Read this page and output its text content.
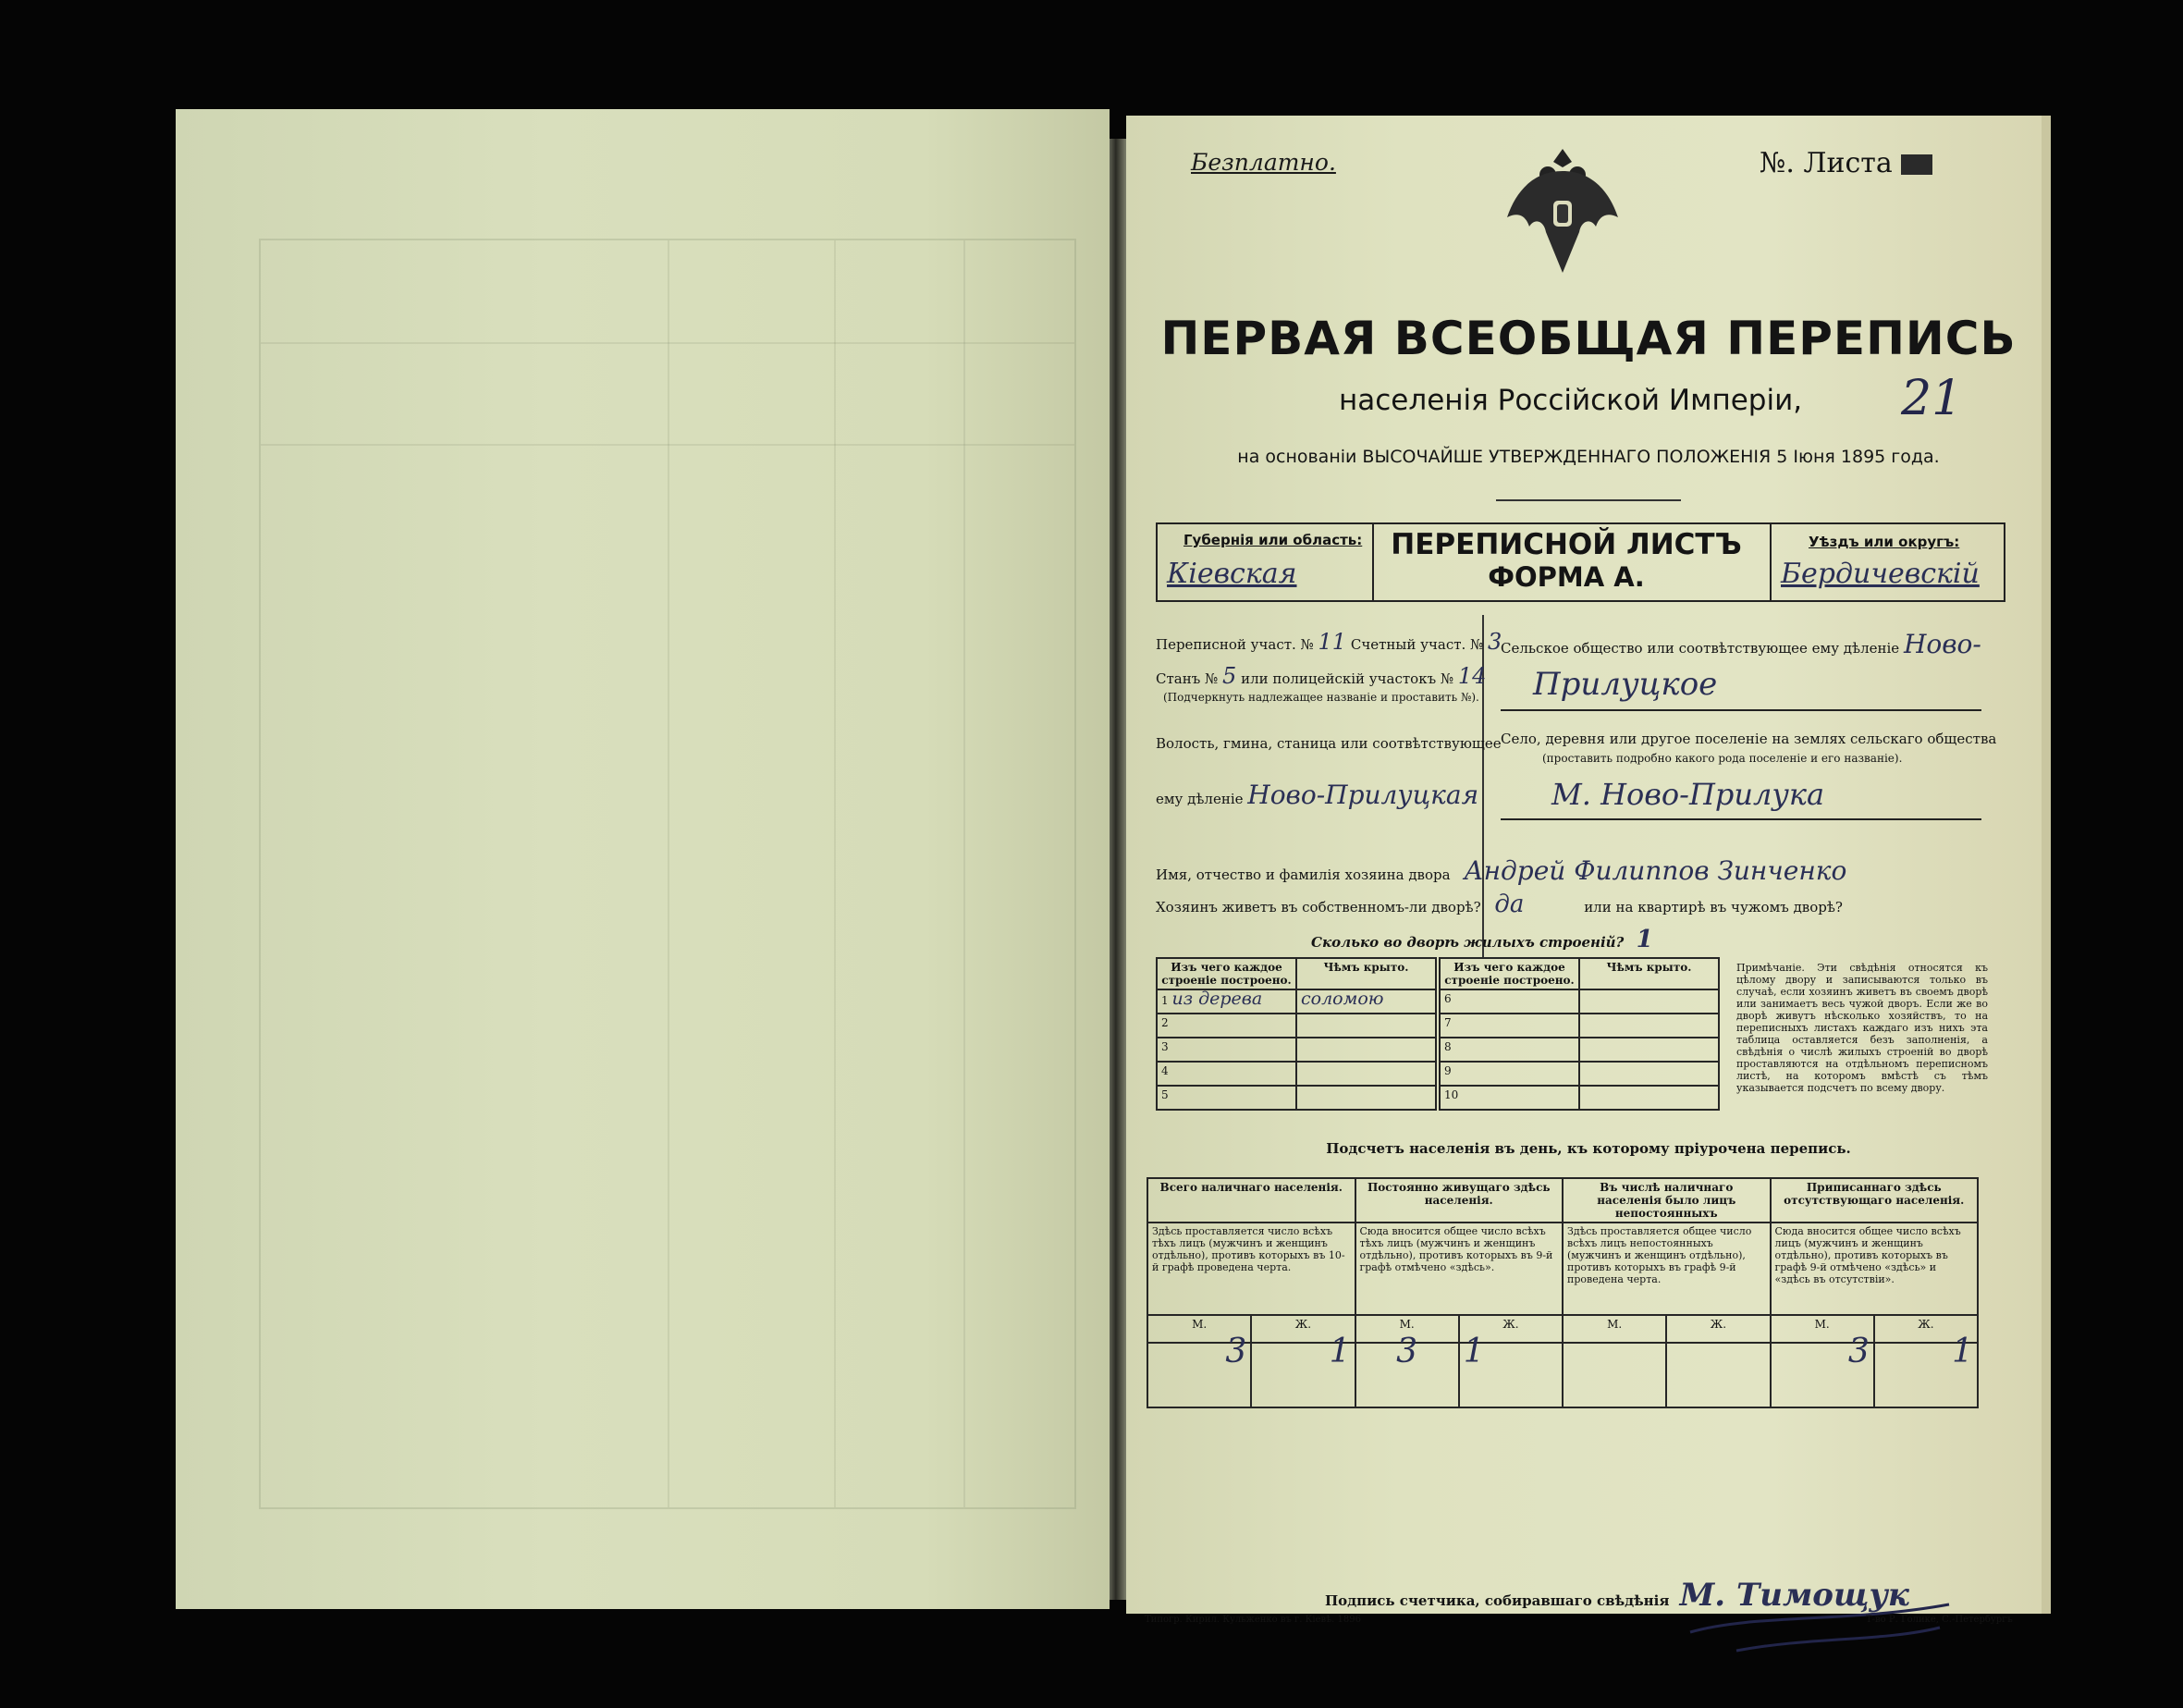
Безплатно.	№. Листа
ПЕРВАЯ ВСЕОБЩАЯ ПЕРЕПИСЬ
населенія Россійской Имперіи, 21
на основаніи ВЫСОЧАЙШЕ УТВЕРЖДЕННАГО ПОЛОЖЕНІЯ 5 Іюня 1895 года.
Губернія или область:
Кіевская
ПЕРЕПИСНОЙ ЛИСТЪ
ФОРМА А.
Уѣздъ или округъ:
Бердичевскій
Переписной участ. № 11 Счетный участ. № 3
Станъ № 5 или полицейскій участокъ № 14
(Подчеркнуть надлежащее названіе и проставить №).
Волость, гмина, станица или соотвѣтствующее
ему дѣленіе Ново-Прилуцкая
Сельское общество или соотвѣтствующее ему дѣленіе Ново-
Прилуцкое
Село, деревня или другое поселеніе на землях сельскаго общества
(проставить подробно какого рода поселеніе и его названіе).
М. Ново-Прилука
Имя, отчество и фамилія хозяина двора Андрей Филиппов Зинченко
Хозяинъ живетъ въ собственномъ-ли дворѣ? да	или на квартирѣ въ чужомъ дворѣ?
Сколько во дворѣ жилыхъ строеній? 1
Изъ чего каждое строеніе построено.	Чѣмъ крыто.	Изъ чего каждое строеніе построено.	Чѣмъ крыто.
1 из дерева	соломою	6	
2		7	
3		8	
4		9	
5		10	
Примѣчаніе. Эти свѣдѣнія относятся къ цѣлому двору и записываются только въ случаѣ, если хозяинъ живетъ въ своемъ дворѣ или занимаетъ весь чужой дворъ. Если же во дворѣ живутъ нѣсколько хозяйствъ, то на переписныхъ листахъ каждаго изъ нихъ эта таблица оставляется безъ заполненія, а свѣдѣнія о числѣ жилыхъ строеній во дворѣ проставляются на отдѣльномъ переписномъ листѣ, на которомъ вмѣстѣ съ тѣмъ указывается подсчетъ по всему двору.
Подсчетъ населенія въ день, къ которому пріурочена перепись.
Всего наличнаго населенія.		Постоянно живущаго здѣсь населенія.		Въ числѣ наличнаго населенія было лицъ непостоянныхъ		Приписаннаго здѣсь отсутствующаго населенія.	
Здѣсь проставляется число всѣхъ тѣхъ лицъ (мужчинъ и женщинъ отдѣльно), противъ которыхъ въ 10-й графѣ проведена черта.		Сюда вносится общее число всѣхъ тѣхъ лицъ (мужчинъ и женщинъ отдѣльно), противъ которыхъ въ 9-й графѣ отмѣчено «здѣсь».		Здѣсь проставляется общее число всѣхъ лицъ непостоянныхъ (мужчинъ и женщинъ отдѣльно), противъ которыхъ въ графѣ 9-й проведена черта.		Сюда вносится общее число всѣхъ лицъ (мужчинъ и женщинъ отдѣльно), противъ которыхъ въ графѣ 9-й отмѣчено «здѣсь» и «здѣсь въ отсутствіи».	
М.	Ж.	М.	Ж.	М.	Ж.	М.	Ж.
3	1	3	1			3	1
Подпись счетчика, собиравшаго свѣдѣнія М. Тимощук
Типогр. Кирил. Кульженко въ г. Кіевѣ. 1896	Т-во Р. Голике, С.-Петербургъ
